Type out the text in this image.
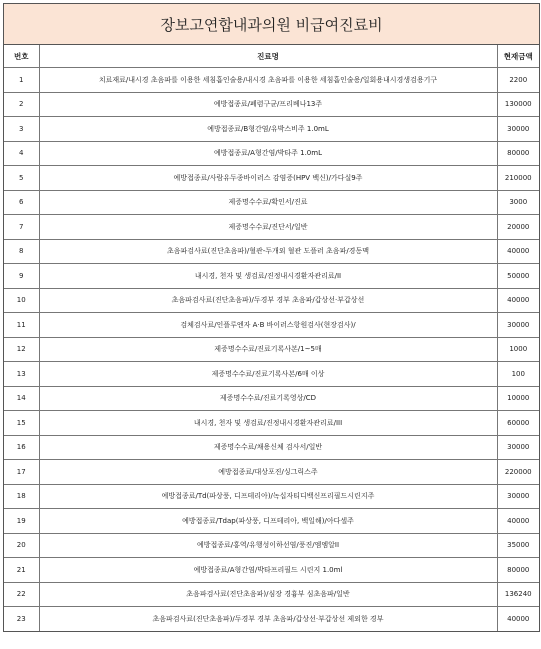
장보고연합내과의원 비급여진료비
번호	진료명	현재금액
1	치료재료/내시경 초음파를 이용한 세침흡인술용/내시경 초음파를 이용한 세침흡인술용/일회용내시경생검용기구	2200
2	예방접종료/폐렴구균/프리베나13주	130000
3	예방접종료/B형간염/유박스비주 1.0mL	30000
4	예방접종료/A형간염/박타주 1.0mL	80000
5	예방접종료/사람유두종바이러스 감염증(HPV 백신)/가다실9주	210000
6	제증명수수료/확인서/진료	3000
7	제증명수수료/진단서/일반	20000
8	초음파검사료(진단초음파)/혈관-두개외 혈관 도플러 초음파/경동맥	40000
9	내시경, 천자 및 생검료/진정내시경환자관리료/II	50000
10	초음파검사료(진단초음파)/두경부 경부 초음파/갑상선·부갑상선	40000
11	검체검사료/인플루엔자 A·B 바이러스항원검사(현장검사)/	30000
12	제증명수수료/진료기록사본/1~5매	1000
13	제증명수수료/진료기록사본/6매 이상	100
14	제증명수수료/진료기록영상/CD	10000
15	내시경, 천자 및 생검료/진정내시경환자관리료/III	60000
16	제증명수수료/채용신체 검사서/일반	30000
17	예방접종료/대상포진/싱그릭스주	220000
18	예방접종료/Td(파상풍, 디프테리아)/녹십자티디백신프리필드시린지주	30000
19	예방접종료/Tdap(파상풍, 디프테리아, 백일해)/아다셀주	40000
20	예방접종료/홍역/유행성이하선염/풍진/엠엠알II	35000
21	예방접종료/A형간염/박타프리필드 시린지 1.0ml	80000
22	초음파검사료(진단초음파)/심장 경흉부 심초음파/일반	136240
23	초음파검사료(진단초음파)/두경부 경부 초음파/갑상선·부갑상선 제외한 경부	40000
